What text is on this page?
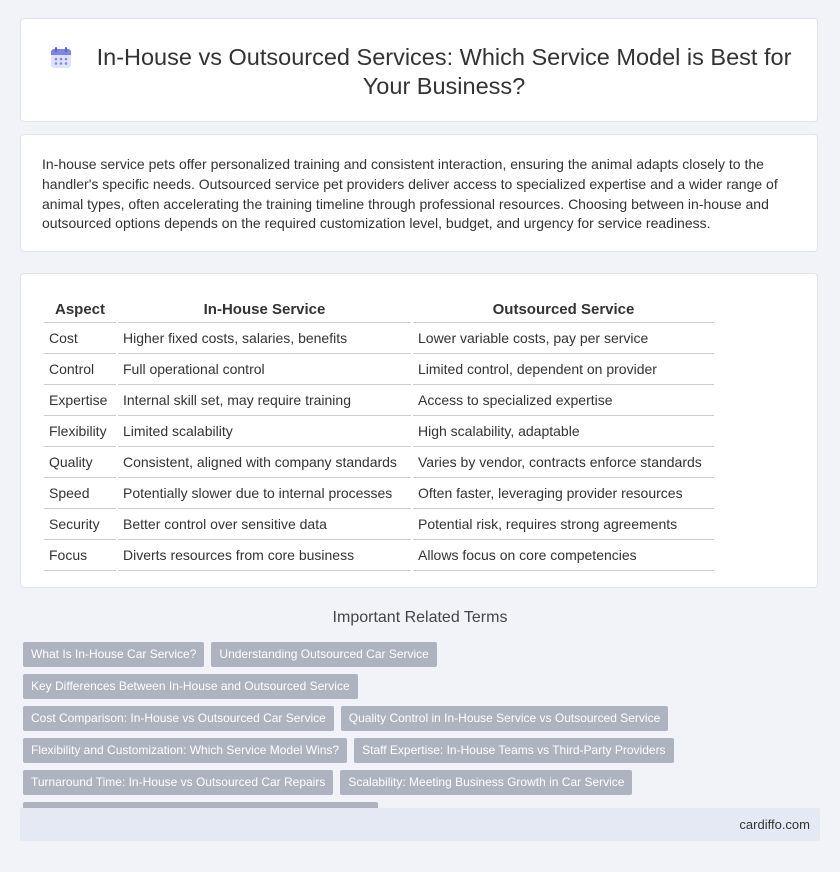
In-House vs Outsourced Services: Which Service Model is Best for Your Business?

In-house service pets offer personalized training and consistent interaction, ensuring the animal adapts closely to the handler's specific needs. Outsourced service pet providers deliver access to specialized expertise and a wider range of animal types, often accelerating the training timeline through professional resources. Choosing between in-house and outsourced options depends on the required customization level, budget, and urgency for service readiness.

Aspect	In-House Service	Outsourced Service
Cost	Higher fixed costs, salaries, benefits	Lower variable costs, pay per service
Control	Full operational control	Limited control, dependent on provider
Expertise	Internal skill set, may require training	Access to specialized expertise
Flexibility	Limited scalability	High scalability, adaptable
Quality	Consistent, aligned with company standards	Varies by vendor, contracts enforce standards
Speed	Potentially slower due to internal processes	Often faster, leveraging provider resources
Security	Better control over sensitive data	Potential risk, requires strong agreements
Focus	Diverts resources from core business	Allows focus on core competencies
Important Related Terms
What Is In-House Car Service?	Understanding Outsourced Car Service
Key Differences Between In-House and Outsourced Service
Cost Comparison: In-House vs Outsourced Car Service	Quality Control in In-House Service vs Outsourced Service
Flexibility and Customization: Which Service Model Wins?	Staff Expertise: In-House Teams vs Third-Party Providers
Turnaround Time: In-House vs Outsourced Car Repairs	Scalability: Meeting Business Growth in Car Service
cardiffo.com
